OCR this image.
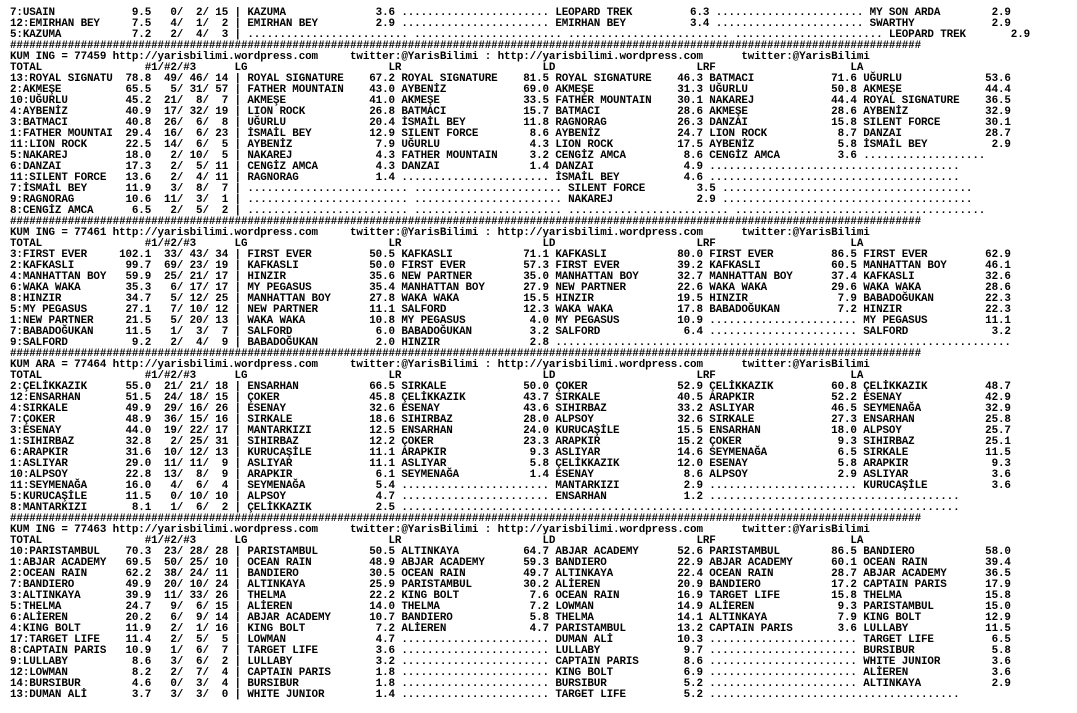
7:USAIN            9.5   0/  2/ 15 | KAZUMA              3.6 ....................... LEOPARD TREK         6.3 ....................... MY SON ARDA        2.9
12:EMIRHAN BEY     7.5   4/  1/  2 | EMIRHAN BEY         2.9 ....................... EMIRHAN BEY          3.4 ....................... SWARTHY            2.9
5:KAZUMA           7.2   2/  4/  3 | ......................... ....................... ......................... ....................... LEOPARD TREK       2.9
##############################################################################################################################################
KUM ING = 77459 http://yarisbilimi.wordpress.com     twitter:@YarisBilimi : http://yarisbilimi.wordpress.com      twitter:@YarisBilimi
TOTAL                #1/#2/#3      LG                      LR                      LD                      LRF                     LA
13:ROYAL SIGNATU  78.8  49/ 46/ 14 | ROYAL SIGNATURE    67.2 ROYAL SIGNATURE    81.5 ROYAL SIGNATURE    46.3 BATMACI            71.6 UĞURLU             53.6
2:AKMEŞE          65.5   5/ 31/ 57 | FATHER MOUNTAIN    43.0 AYBENİZ            69.0 AKMEŞE             31.3 UĞURLU             50.8 AKMEŞE             44.4
10:UĞURLU         45.2  21/  8/  7 | AKMEŞE             41.0 AKMEŞE             33.5 FATHER MOUNTAIN    30.1 NAKAREJ            44.4 ROYAL SIGNATURE    36.5
4:AYBENİZ         40.9  17/ 32/ 19 | LION ROCK          26.8 BATMACI            15.7 BATMACI            28.6 AKMEŞE             28.6 AYBENİZ            32.9
3:BATMACI         40.8  26/  6/  8 | UĞURLU             20.4 İSMAİL BEY         11.8 RAGNORAG           26.3 DANZAI             15.8 SILENT FORCE       30.1
1:FATHER MOUNTAI  29.4  16/  6/ 23 | İSMAİL BEY         12.9 SILENT FORCE        8.6 AYBENİZ            24.7 LION ROCK           8.7 DANZAI             28.7
11:LION ROCK      22.5  14/  6/  5 | AYBENİZ             7.9 UĞURLU              4.3 LION ROCK          17.5 AYBENİZ             5.8 İSMAİL BEY          2.9
5:NAKAREJ         18.0   2/ 10/  5 | NAKAREJ             4.3 FATHER MOUNTAIN     3.2 CENGİZ AMCA         8.6 CENGİZ AMCA         3.6 ...................
6:DANZAI          17.3   2/  5/ 11 | CENGİZ AMCA         4.3 DANZAI              1.4 DANZAI              4.9 .......................................
11:SILENT FORCE   13.6   2/  4/ 11 | RAGNORAG            1.4 ....................... İSMAİL BEY          4.6 .......................................
7:İSMAİL BEY      11.9   3/  8/  7 | ......................... ....................... SILENT FORCE        3.5 .......................................
9:RAGNORAG        10.6  11/  3/  1 | ......................... ....................... NAKAREJ             2.9 .......................................
8:CENGİZ AMCA      6.5   2/  5/  2 | ......................... ....................... ......................... .......................................
##############################################################################################################################################
KUM ING = 77461 http://yarisbilimi.wordpress.com     twitter:@YarisBilimi : http://yarisbilimi.wordpress.com      twitter:@YarisBilimi
TOTAL                #1/#2/#3      LG                      LR                      LD                      LRF                     LA
3:FIRST EVER     102.1  33/ 43/ 34 | FIRST EVER         50.5 KAFKASLI           71.1 KAFKASLI           80.0 FIRST EVER         86.5 FIRST EVER         62.9
2:KAFKASLI        99.7  69/ 23/ 19 | KAFKASLI           50.0 FIRST EVER         57.3 FIRST EVER         39.2 KAFKASLI           60.5 MANHATTAN BOY      46.1
4:MANHATTAN BOY   59.9  25/ 21/ 17 | HINZIR             35.6 NEW PARTNER        35.0 MANHATTAN BOY      32.7 MANHATTAN BOY      37.4 KAFKASLI           32.6
6:WAKA WAKA       35.3   6/ 17/ 17 | MY PEGASUS         35.4 MANHATTAN BOY      27.9 NEW PARTNER        22.6 WAKA WAKA          29.6 WAKA WAKA          28.6
8:HINZIR          34.7   5/ 12/ 25 | MANHATTAN BOY      27.8 WAKA WAKA          15.5 HINZIR             19.5 HINZIR              7.9 BABADOĞUKAN        22.3
5:MY PEGASUS      27.1   7/ 10/ 12 | NEW PARTNER        11.1 SALFORD            12.3 WAKA WAKA          17.8 BABADOĞUKAN         7.2 HINZIR             22.3
1:NEW PARTNER     21.5   5/ 20/ 13 | WAKA WAKA          10.8 MY PEGASUS          4.0 MY PEGASUS         10.9 ....................... MY PEGASUS         11.1
7:BABADOĞUKAN     11.5   1/  3/  7 | SALFORD             6.0 BABADOĞUKAN         3.2 SALFORD             6.4 ....................... SALFORD             3.2
9:SALFORD          9.2   2/  4/  9 | BABADOĞUKAN         2.0 HINZIR              2.8 .......................................................................
##############################################################################################################################################
KUM ARA = 77464 http://yarisbilimi.wordpress.com     twitter:@YarisBilimi : http://yarisbilimi.wordpress.com      twitter:@YarisBilimi
TOTAL                #1/#2/#3      LG                      LR                      LD                      LRF                     LA
2:ÇELİKKAZIK      55.0  21/ 21/ 18 | ENSARHAN           66.5 SIRKALE            50.0 ÇOKER              52.9 ÇELİKKAZIK         60.8 ÇELİKKAZIK         48.7
12:ENSARHAN       51.5  24/ 18/ 15 | ÇOKER              45.8 ÇELİKKAZIK         43.7 SIRKALE            40.5 ARAPKIR            52.2 ESENAY             42.9
4:SIRKALE         49.9  29/ 16/ 26 | ESENAY             32.6 ESENAY             43.6 SIHIRBAZ           33.2 ASLIYAR            46.5 SEYMENAĞA          32.9
7:ÇOKER           48.9  36/ 15/ 16 | SIRKALE            18.6 SIHIRBAZ           28.0 ALPSOY             32.6 SIRKALE            27.3 ENSARHAN           25.8
3:ESENAY          44.0  19/ 22/ 17 | MANTARKIZI         12.5 ENSARHAN           24.0 KURUCAŞİLE         15.5 ENSARHAN           18.0 ALPSOY             25.7
1:SIHIRBAZ        32.8   2/ 25/ 31 | SIHIRBAZ           12.2 ÇOKER              23.3 ARAPKIR            15.2 ÇOKER               9.3 SIHIRBAZ           25.1
6:ARAPKIR         31.6  10/ 12/ 13 | KURUCAŞİLE         11.1 ARAPKIR             9.3 ASLIYAR            14.6 SEYMENAĞA           6.5 SIRKALE            11.5
1:ASLIYAR         29.0  11/ 11/  9 | ASLIYAR            11.1 ASLIYAR             5.8 ÇELİKKAZIK         12.0 ESENAY              5.8 ARAPKIR             9.3
10:ALPSOY         22.8  13/  8/  9 | ARAPKIR             6.1 SEYMENAĞA           1.4 ESENAY              8.6 ALPSOY              2.9 ASLIYAR             3.6
11:SEYMENAĞA      16.0   4/  6/  4 | SEYMENAĞA           5.4 ....................... MANTARKIZI          2.9 ....................... KURUCAŞİLE          3.6
5:KURUCAŞİLE      11.5   0/ 10/ 10 | ALPSOY              4.7 ....................... ENSARHAN            1.2 .......................................
8:MANTARKIZI       8.1   1/  6/  2 | ÇELİKKAZIK          2.5 .......................................................................................
##############################################################################################################################################
KUM ING = 77463 http://yarisbilimi.wordpress.com     twitter:@YarisBilimi : http://yarisbilimi.wordpress.com      twitter:@YarisBilimi
TOTAL                #1/#2/#3      LG                      LR                      LD                      LRF                     LA
10:PARISTAMBUL    70.3  23/ 28/ 28 | PARISTAMBUL        50.5 ALTINKAYA          64.7 ABJAR ACADEMY      52.6 PARISTAMBUL        86.5 BANDIERO           58.0
1:ABJAR ACADEMY   69.5  50/ 25/ 10 | OCEAN RAIN         48.9 ABJAR ACADEMY      59.3 BANDIERO           22.9 ABJAR ACADEMY      60.1 OCEAN RAIN         39.4
2:OCEAN RAIN      62.2  38/ 24/ 11 | BANDIERO           30.5 OCEAN RAIN         49.7 ALTINKAYA          22.4 OCEAN RAIN         28.7 ABJAR ACADEMY      36.5
7:BANDIERO        49.9  20/ 10/ 24 | ALTINKAYA          25.9 PARISTAMBUL        30.2 ALİEREN            20.9 BANDIERO           17.2 CAPTAIN PARIS      17.9
3:ALTINKAYA       39.9  11/ 33/ 26 | THELMA             22.2 KING BOLT           7.6 OCEAN RAIN         16.9 TARGET LIFE        15.8 THELMA             15.8
5:THELMA          24.7   9/  6/ 15 | ALİEREN            14.0 THELMA              7.2 LOWMAN             14.9 ALİEREN             9.3 PARISTAMBUL        15.0
6:ALİEREN         20.2   6/  9/ 14 | ABJAR ACADEMY      10.7 BANDIERO            5.8 THELMA             14.1 ALTINKAYA           7.9 KING BOLT          12.9
4:KING BOLT       11.9   2/  1/ 16 | KING BOLT           7.2 ALİEREN             4.7 PARISTAMBUL        13.2 CAPTAIN PARIS       3.6 LULLABY            11.5
17:TARGET LIFE    11.4   2/  5/  5 | LOWMAN              4.7 ....................... DUMAN ALİ          10.3 ....................... TARGET LIFE         6.5
8:CAPTAIN PARIS   10.9   1/  6/  7 | TARGET LIFE         3.6 ....................... LULLABY             9.7 ....................... BURSIBUR            5.8
9:LULLABY          8.6   3/  6/  2 | LULLABY             3.2 ....................... CAPTAIN PARIS       8.6 ....................... WHITE JUNIOR        3.6
12:LOWMAN          8.2   2/  7/  4 | CAPTAIN PARIS       1.8 ....................... KING BOLT           6.9 ....................... ALİEREN             3.6
14:BURSIBUR        4.6   0/  3/  4 | BURSIBUR            1.8 ....................... BURSIBUR            5.2 ....................... ALTINKAYA           2.9
13:DUMAN ALİ       3.7   3/  3/  0 | WHITE JUNIOR        1.4 ....................... TARGET LIFE         5.2 .......................................
